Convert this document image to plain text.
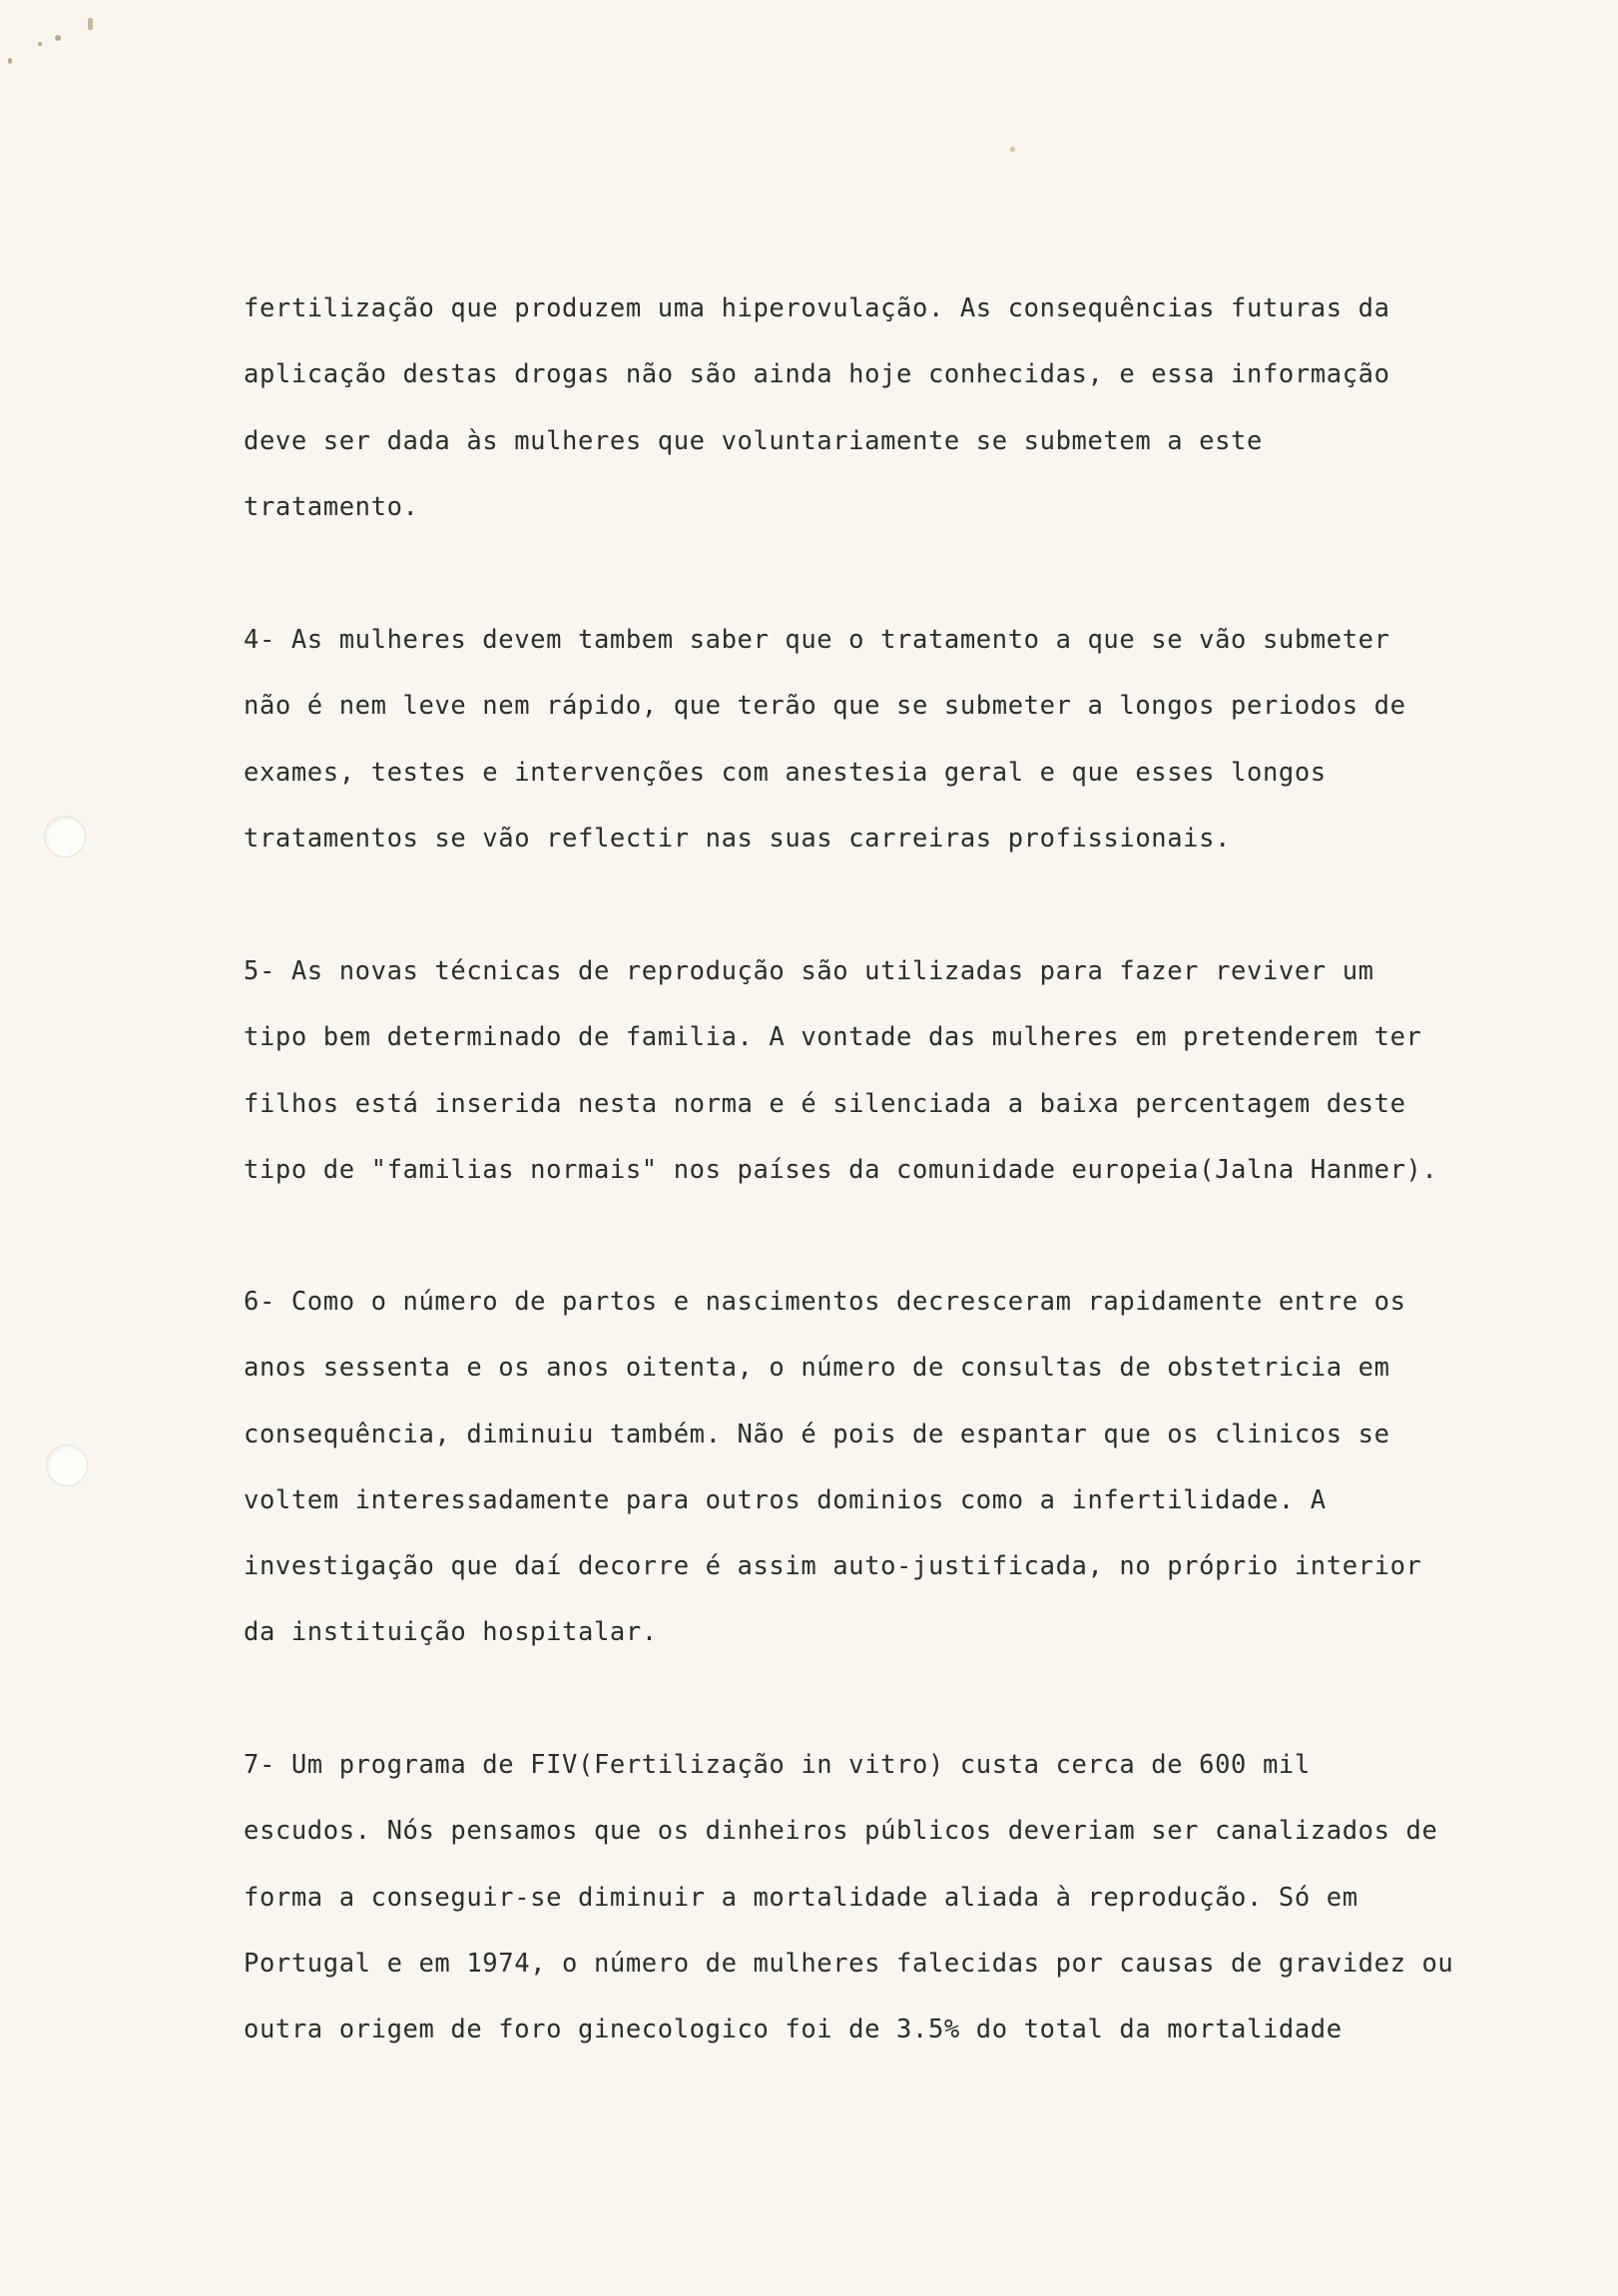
fertilização que produzem uma hiperovulação. As consequências futuras da
aplicação destas drogas não são ainda hoje conhecidas, e essa informação
deve ser dada às mulheres que voluntariamente se submetem a este
tratamento.
4- As mulheres devem tambem saber que o tratamento a que se vão submeter
não é nem leve nem rápido, que terão que se submeter a longos periodos de
exames, testes e intervenções com anestesia geral e que esses longos
tratamentos se vão reflectir nas suas carreiras profissionais.
5- As novas técnicas de reprodução são utilizadas para fazer reviver um
tipo bem determinado de familia. A vontade das mulheres em pretenderem ter
filhos está inserida nesta norma e é silenciada a baixa percentagem deste
tipo de "familias normais" nos países da comunidade europeia(Jalna Hanmer).
6- Como o número de partos e nascimentos decresceram rapidamente entre os
anos sessenta e os anos oitenta, o número de consultas de obstetricia em
consequência, diminuiu também. Não é pois de espantar que os clinicos se
voltem interessadamente para outros dominios como a infertilidade. A
investigação que daí decorre é assim auto-justificada, no próprio interior
da instituição hospitalar.
7- Um programa de FIV(Fertilização in vitro) custa cerca de 600 mil
escudos. Nós pensamos que os dinheiros públicos deveriam ser canalizados de
forma a conseguir-se diminuir a mortalidade aliada à reprodução. Só em
Portugal e em 1974, o número de mulheres falecidas por causas de gravidez ou
outra origem de foro ginecologico foi de 3.5% do total da mortalidade
